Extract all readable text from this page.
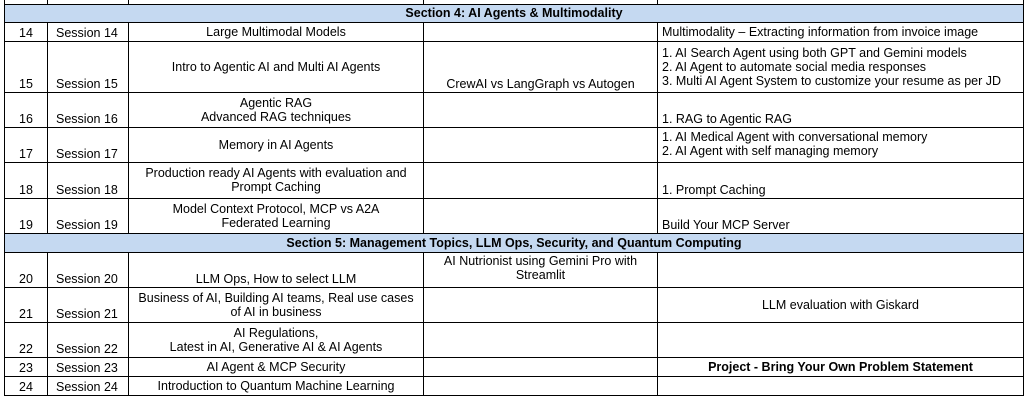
Section 4: AI Agents & Multimodality				
14	Session 14	Large Multimodal Models		Multimodality – Extracting information from invoice image

15	Session 15	Intro to Agentic AI and Multi AI Agents	CrewAI vs LangGraph vs Autogen	1. AI Search Agent using both GPT and Gemini models
2. AI Agent to automate social media responses
3. Multi AI Agent System to customize your resume as per JD

16	Session 16	Agentic RAG
Advanced RAG techniques		1. RAG to Agentic RAG

17	Session 17	Memory in AI Agents		1. AI Medical Agent with conversational memory
2. AI Agent with self managing memory

18	Session 18	Production ready AI Agents with evaluation and
Prompt Caching		1. Prompt Caching

19	Session 19	Model Context Protocol, MCP vs A2A
Federated Learning		Build Your MCP Server

Section 5: Management Topics, LLM Ops, Security, and Quantum Computing				
20	Session 20	LLM Ops, How to select LLM	AI Nutrionist using Gemini Pro with
Streamlit	

21	Session 21	Business of AI, Building AI teams, Real use cases
of AI in business		LLM evaluation with Giskard

22	Session 22	AI Regulations,
Latest in AI, Generative AI & AI Agents		

23	Session 23	AI Agent & MCP Security		Project - Bring Your Own Problem Statement

24	Session 24	Introduction to Quantum Machine Learning		
